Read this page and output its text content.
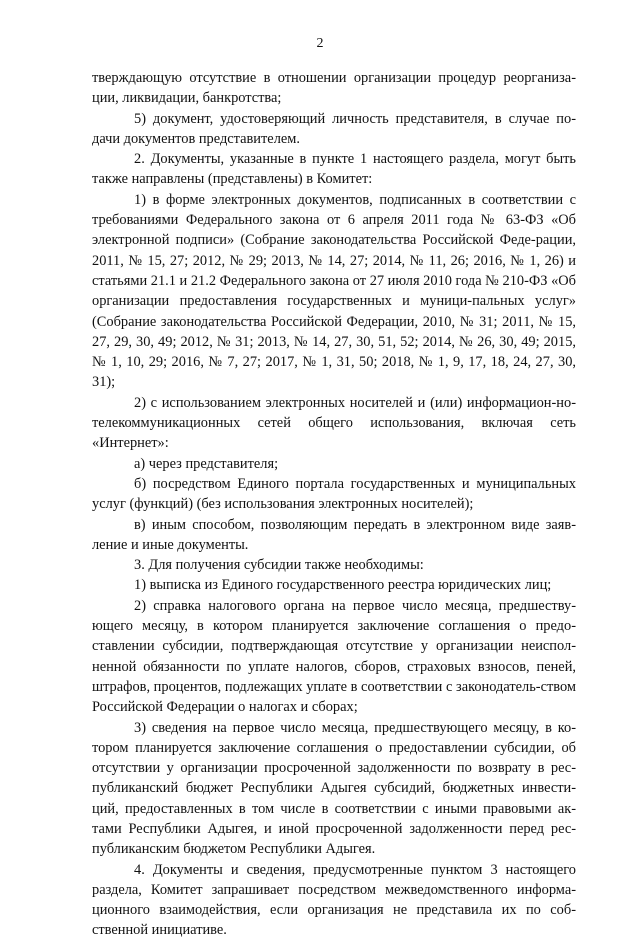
2

тверждающую отсутствие в отношении организации процедур реорганиза-ции, ликвидации, банкротства;

5) документ, удостоверяющий личность представителя, в случае по-дачи документов представителем.

2. Документы, указанные в пункте 1 настоящего раздела, могут быть также направлены (представлены) в Комитет:

1) в форме электронных документов, подписанных в соответствии с требованиями Федерального закона от 6 апреля 2011 года № 63-ФЗ «Об электронной подписи» (Собрание законодательства Российской Феде-рации, 2011, № 15, 27; 2012, № 29; 2013, № 14, 27; 2014, № 11, 26; 2016, № 1, 26) и статьями 21.1 и 21.2 Федерального закона от 27 июля 2010 года № 210-ФЗ «Об организации предоставления государственных и муници-пальных услуг» (Собрание законодательства Российской Федерации, 2010, № 31; 2011, № 15, 27, 29, 30, 49; 2012, № 31; 2013, № 14, 27, 30, 51, 52; 2014, № 26, 30, 49; 2015, № 1, 10, 29; 2016, № 7, 27; 2017, № 1, 31, 50; 2018, № 1, 9, 17, 18, 24, 27, 30, 31);

2) с использованием электронных носителей и (или) информацион-но-телекоммуникационных сетей общего использования, включая сеть «Интернет»:

а) через представителя;

б) посредством Единого портала государственных и муниципальных услуг (функций) (без использования электронных носителей);

в) иным способом, позволяющим передать в электронном виде заяв-ление и иные документы.

3. Для получения субсидии также необходимы:

1) выписка из Единого государственного реестра юридических лиц;

2) справка налогового органа на первое число месяца, предшеству-ющего месяцу, в котором планируется заключение соглашения о предо-ставлении субсидии, подтверждающая отсутствие у организации неиспол-ненной обязанности по уплате налогов, сборов, страховых взносов, пеней, штрафов, процентов, подлежащих уплате в соответствии с законодатель-ством Российской Федерации о налогах и сборах;

3) сведения на первое число месяца, предшествующего месяцу, в ко-тором планируется заключение соглашения о предоставлении субсидии, об отсутствии у организации просроченной задолженности по возврату в рес-публиканский бюджет Республики Адыгея субсидий, бюджетных инвести-ций, предоставленных в том числе в соответствии с иными правовыми ак-тами Республики Адыгея, и иной просроченной задолженности перед рес-публиканским бюджетом Республики Адыгея.

4. Документы и сведения, предусмотренные пунктом 3 настоящего раздела, Комитет запрашивает посредством межведомственного информа-ционного взаимодействия, если организация не представила их по соб-ственной инициативе.
